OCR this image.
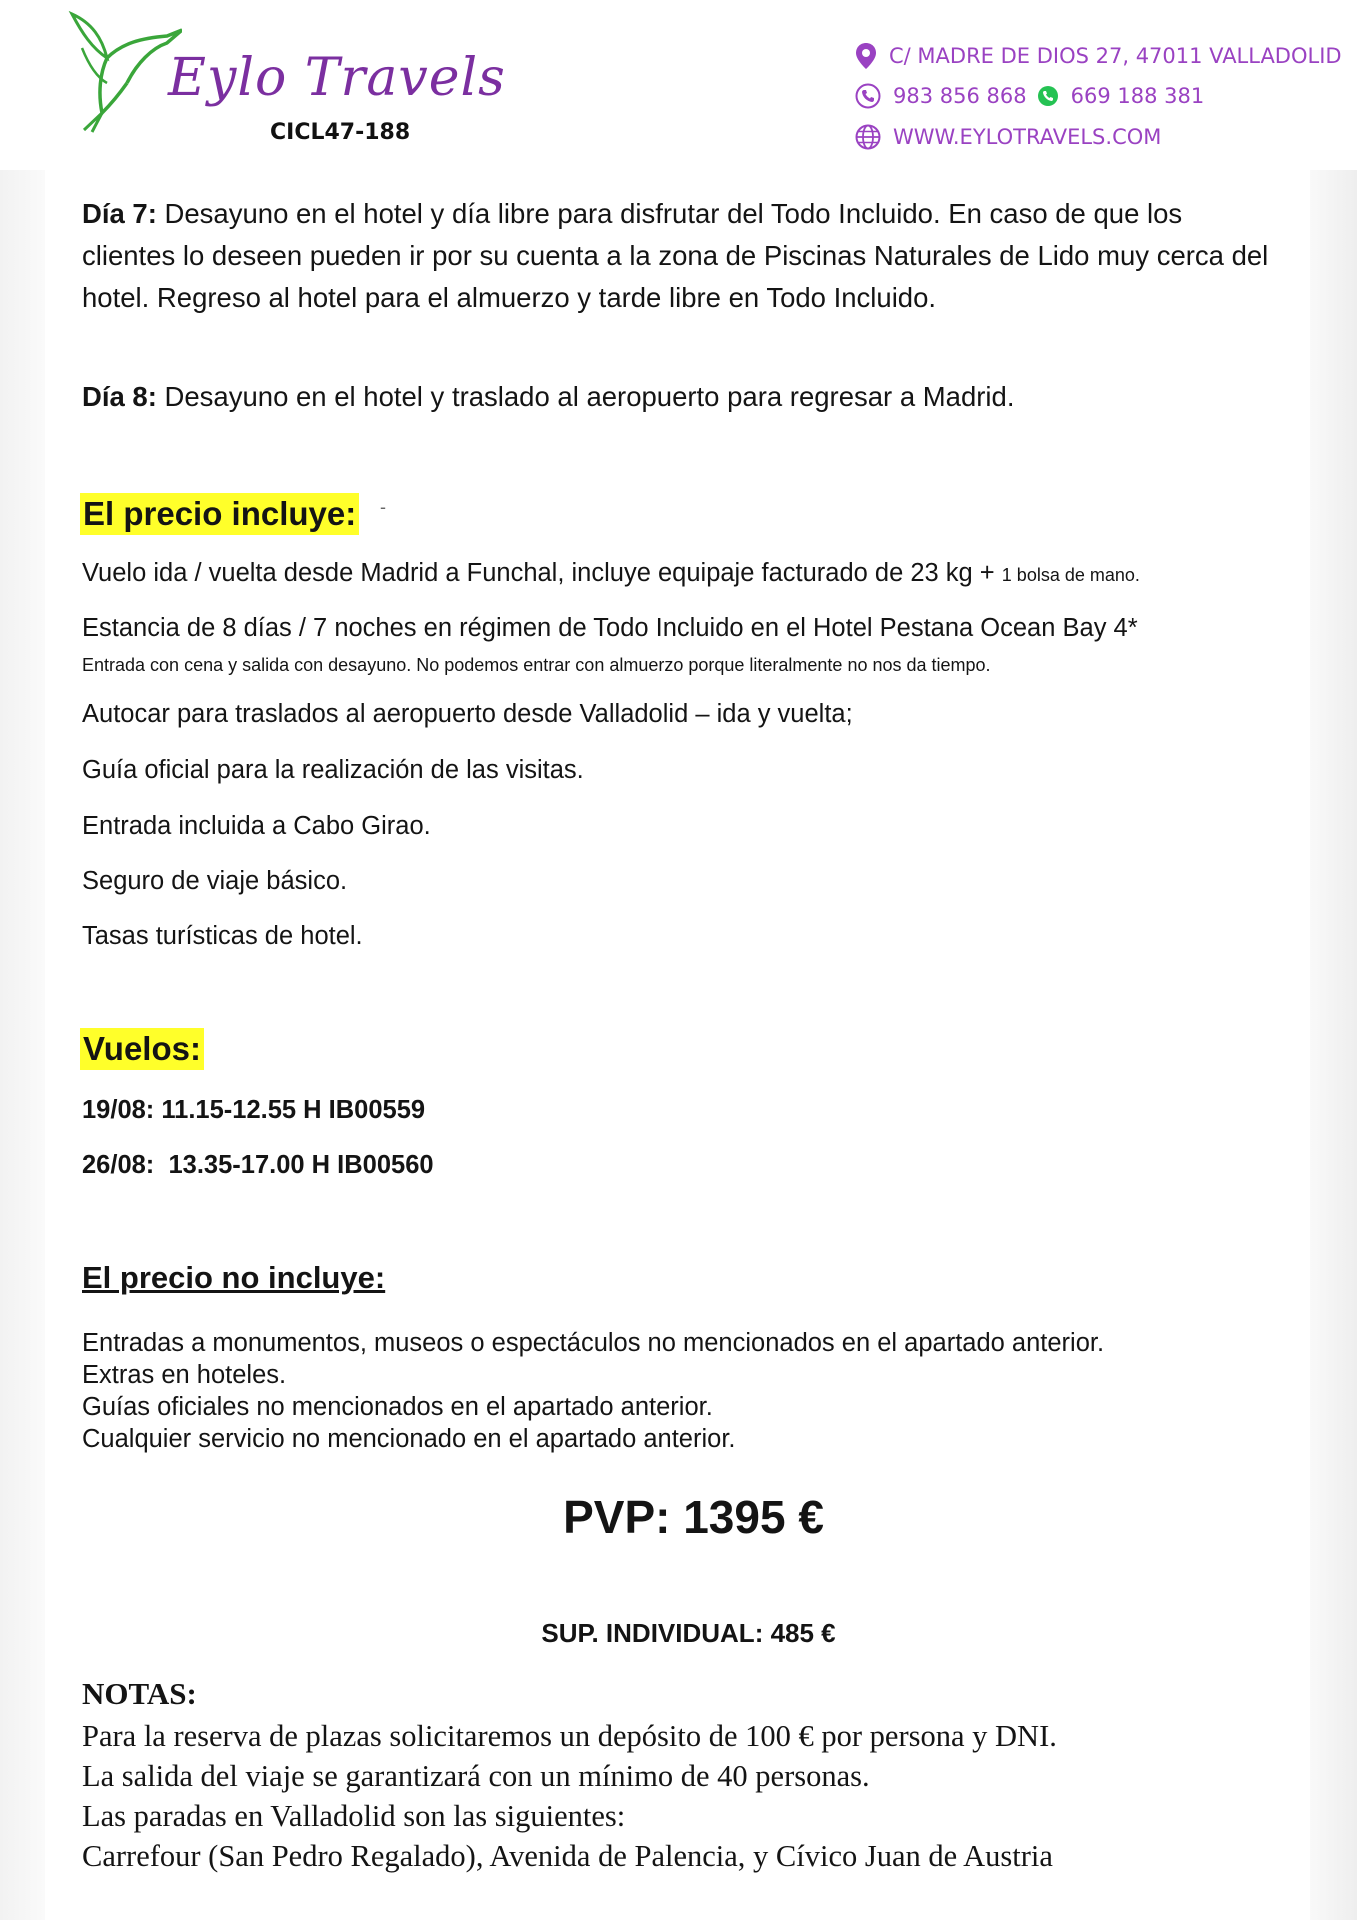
Eylo Travels
CICL47-188
C/ MADRE DE DIOS 27, 47011 VALLADOLID
983 856 868 669 188 381
WWW.EYLOTRAVELS.COM
Día 7: Desayuno en el hotel y día libre para disfrutar del Todo Incluido. En caso de que los clientes lo deseen pueden ir por su cuenta a la zona de Piscinas Naturales de Lido muy cerca del hotel. Regreso al hotel para el almuerzo y tarde libre en Todo Incluido.
Día 8: Desayuno en el hotel y traslado al aeropuerto para regresar a Madrid.
El precio incluye: -
Vuelo ida / vuelta desde Madrid a Funchal, incluye equipaje facturado de 23 kg + 1 bolsa de mano.
Estancia de 8 días / 7 noches en régimen de Todo Incluido en el Hotel Pestana Ocean Bay 4*
Entrada con cena y salida con desayuno. No podemos entrar con almuerzo porque literalmente no nos da tiempo.
Autocar para traslados al aeropuerto desde Valladolid – ida y vuelta;
Guía oficial para la realización de las visitas.
Entrada incluida a Cabo Girao.
Seguro de viaje básico.
Tasas turísticas de hotel.
Vuelos:
19/08: 11.15-12.55 H IB00559
26/08:  13.35-17.00 H IB00560
El precio no incluye:
Entradas a monumentos, museos o espectáculos no mencionados en el apartado anterior.
Extras en hoteles.
Guías oficiales no mencionados en el apartado anterior.
Cualquier servicio no mencionado en el apartado anterior.
PVP: 1395 €
SUP. INDIVIDUAL: 485 €
NOTAS:
Para la reserva de plazas solicitaremos un depósito de 100 € por persona y DNI.
La salida del viaje se garantizará con un mínimo de 40 personas.
Las paradas en Valladolid son las siguientes:
Carrefour (San Pedro Regalado), Avenida de Palencia, y Cívico Juan de Austria
